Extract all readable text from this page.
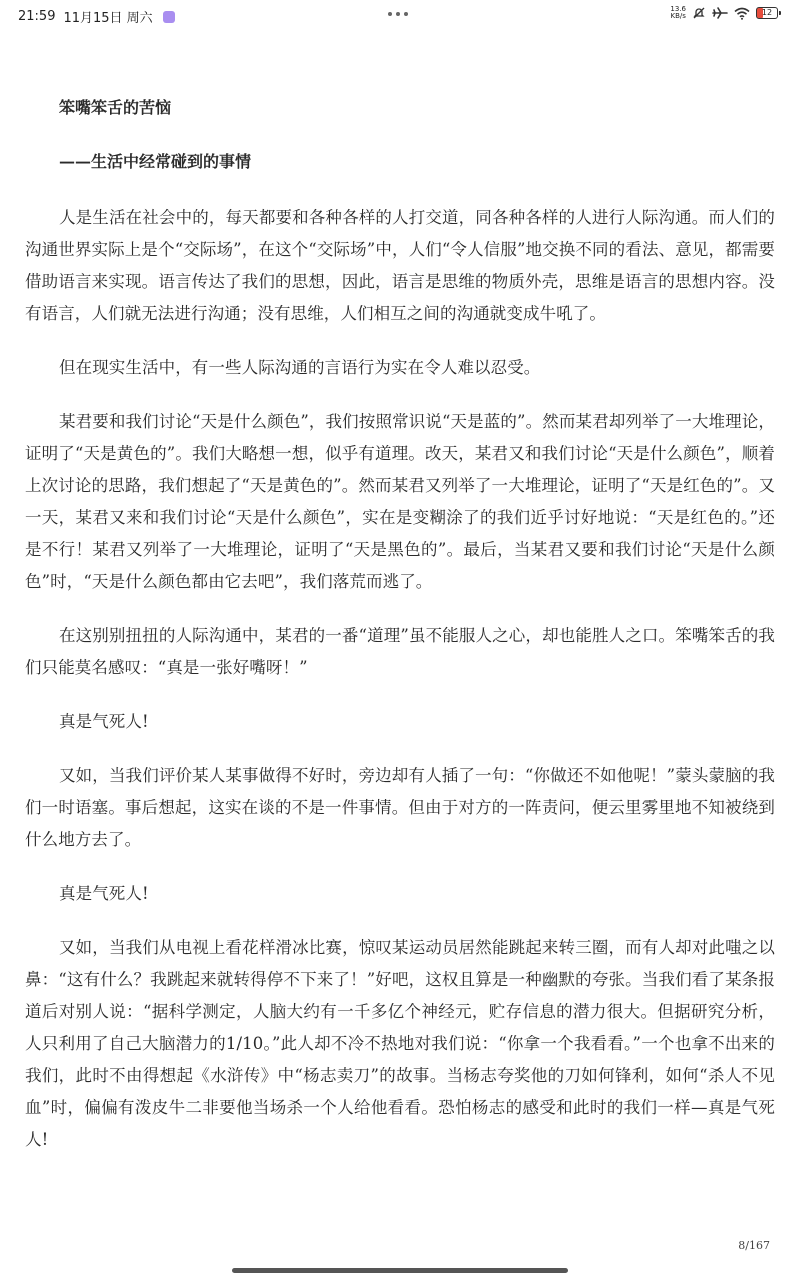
21:59 11月15日 周六
13.6
KB/s	12

笨嘴笨舌的苦恼

——生活中经常碰到的事情

人是生活在社会中的，每天都要和各种各样的人打交道，同各种各样的人进行人际沟通。而人们的沟通世界实际上是个“交际场”，在这个“交际场”中，人们“令人信服”地交换不同的看法、意见，都需要借助语言来实现。语言传达了我们的思想，因此，语言是思维的物质外壳，思维是语言的思想内容。没有语言，人们就无法进行沟通；没有思维，人们相互之间的沟通就变成牛吼了。

但在现实生活中，有一些人际沟通的言语行为实在令人难以忍受。

某君要和我们讨论“天是什么颜色”，我们按照常识说“天是蓝的”。然而某君却列举了一大堆理论，证明了“天是黄色的”。我们大略想一想，似乎有道理。改天，某君又和我们讨论“天是什么颜色”，顺着上次讨论的思路，我们想起了“天是黄色的”。然而某君又列举了一大堆理论，证明了“天是红色的”。又一天，某君又来和我们讨论“天是什么颜色”，实在是变糊涂了的我们近乎讨好地说：“天是红色的。”还是不行！某君又列举了一大堆理论，证明了“天是黑色的”。最后，当某君又要和我们讨论“天是什么颜色”时，“天是什么颜色都由它去吧”，我们落荒而逃了。

在这别别扭扭的人际沟通中，某君的一番“道理”虽不能服人之心，却也能胜人之口。笨嘴笨舌的我们只能莫名感叹：“真是一张好嘴呀！”

真是气死人!

又如，当我们评价某人某事做得不好时，旁边却有人插了一句：“你做还不如他呢！”蒙头蒙脑的我们一时语塞。事后想起，这实在谈的不是一件事情。但由于对方的一阵责问，便云里雾里地不知被绕到什么地方去了。

真是气死人!

又如，当我们从电视上看花样滑冰比赛，惊叹某运动员居然能跳起来转三圈，而有人却对此嗤之以鼻：“这有什么？我跳起来就转得停不下来了！”好吧，这权且算是一种幽默的夸张。当我们看了某条报道后对别人说：“据科学测定，人脑大约有一千多亿个神经元，贮存信息的潜力很大。但据研究分析，人只利用了自己大脑潜力的1/10。”此人却不冷不热地对我们说：“你拿一个我看看。”一个也拿不出来的我们，此时不由得想起《水浒传》中“杨志卖刀”的故事。当杨志夸奖他的刀如何锋利，如何“杀人不见血”时，偏偏有泼皮牛二非要他当场杀一个人给他看看。恐怕杨志的感受和此时的我们一样—真是气死人!

8/167
